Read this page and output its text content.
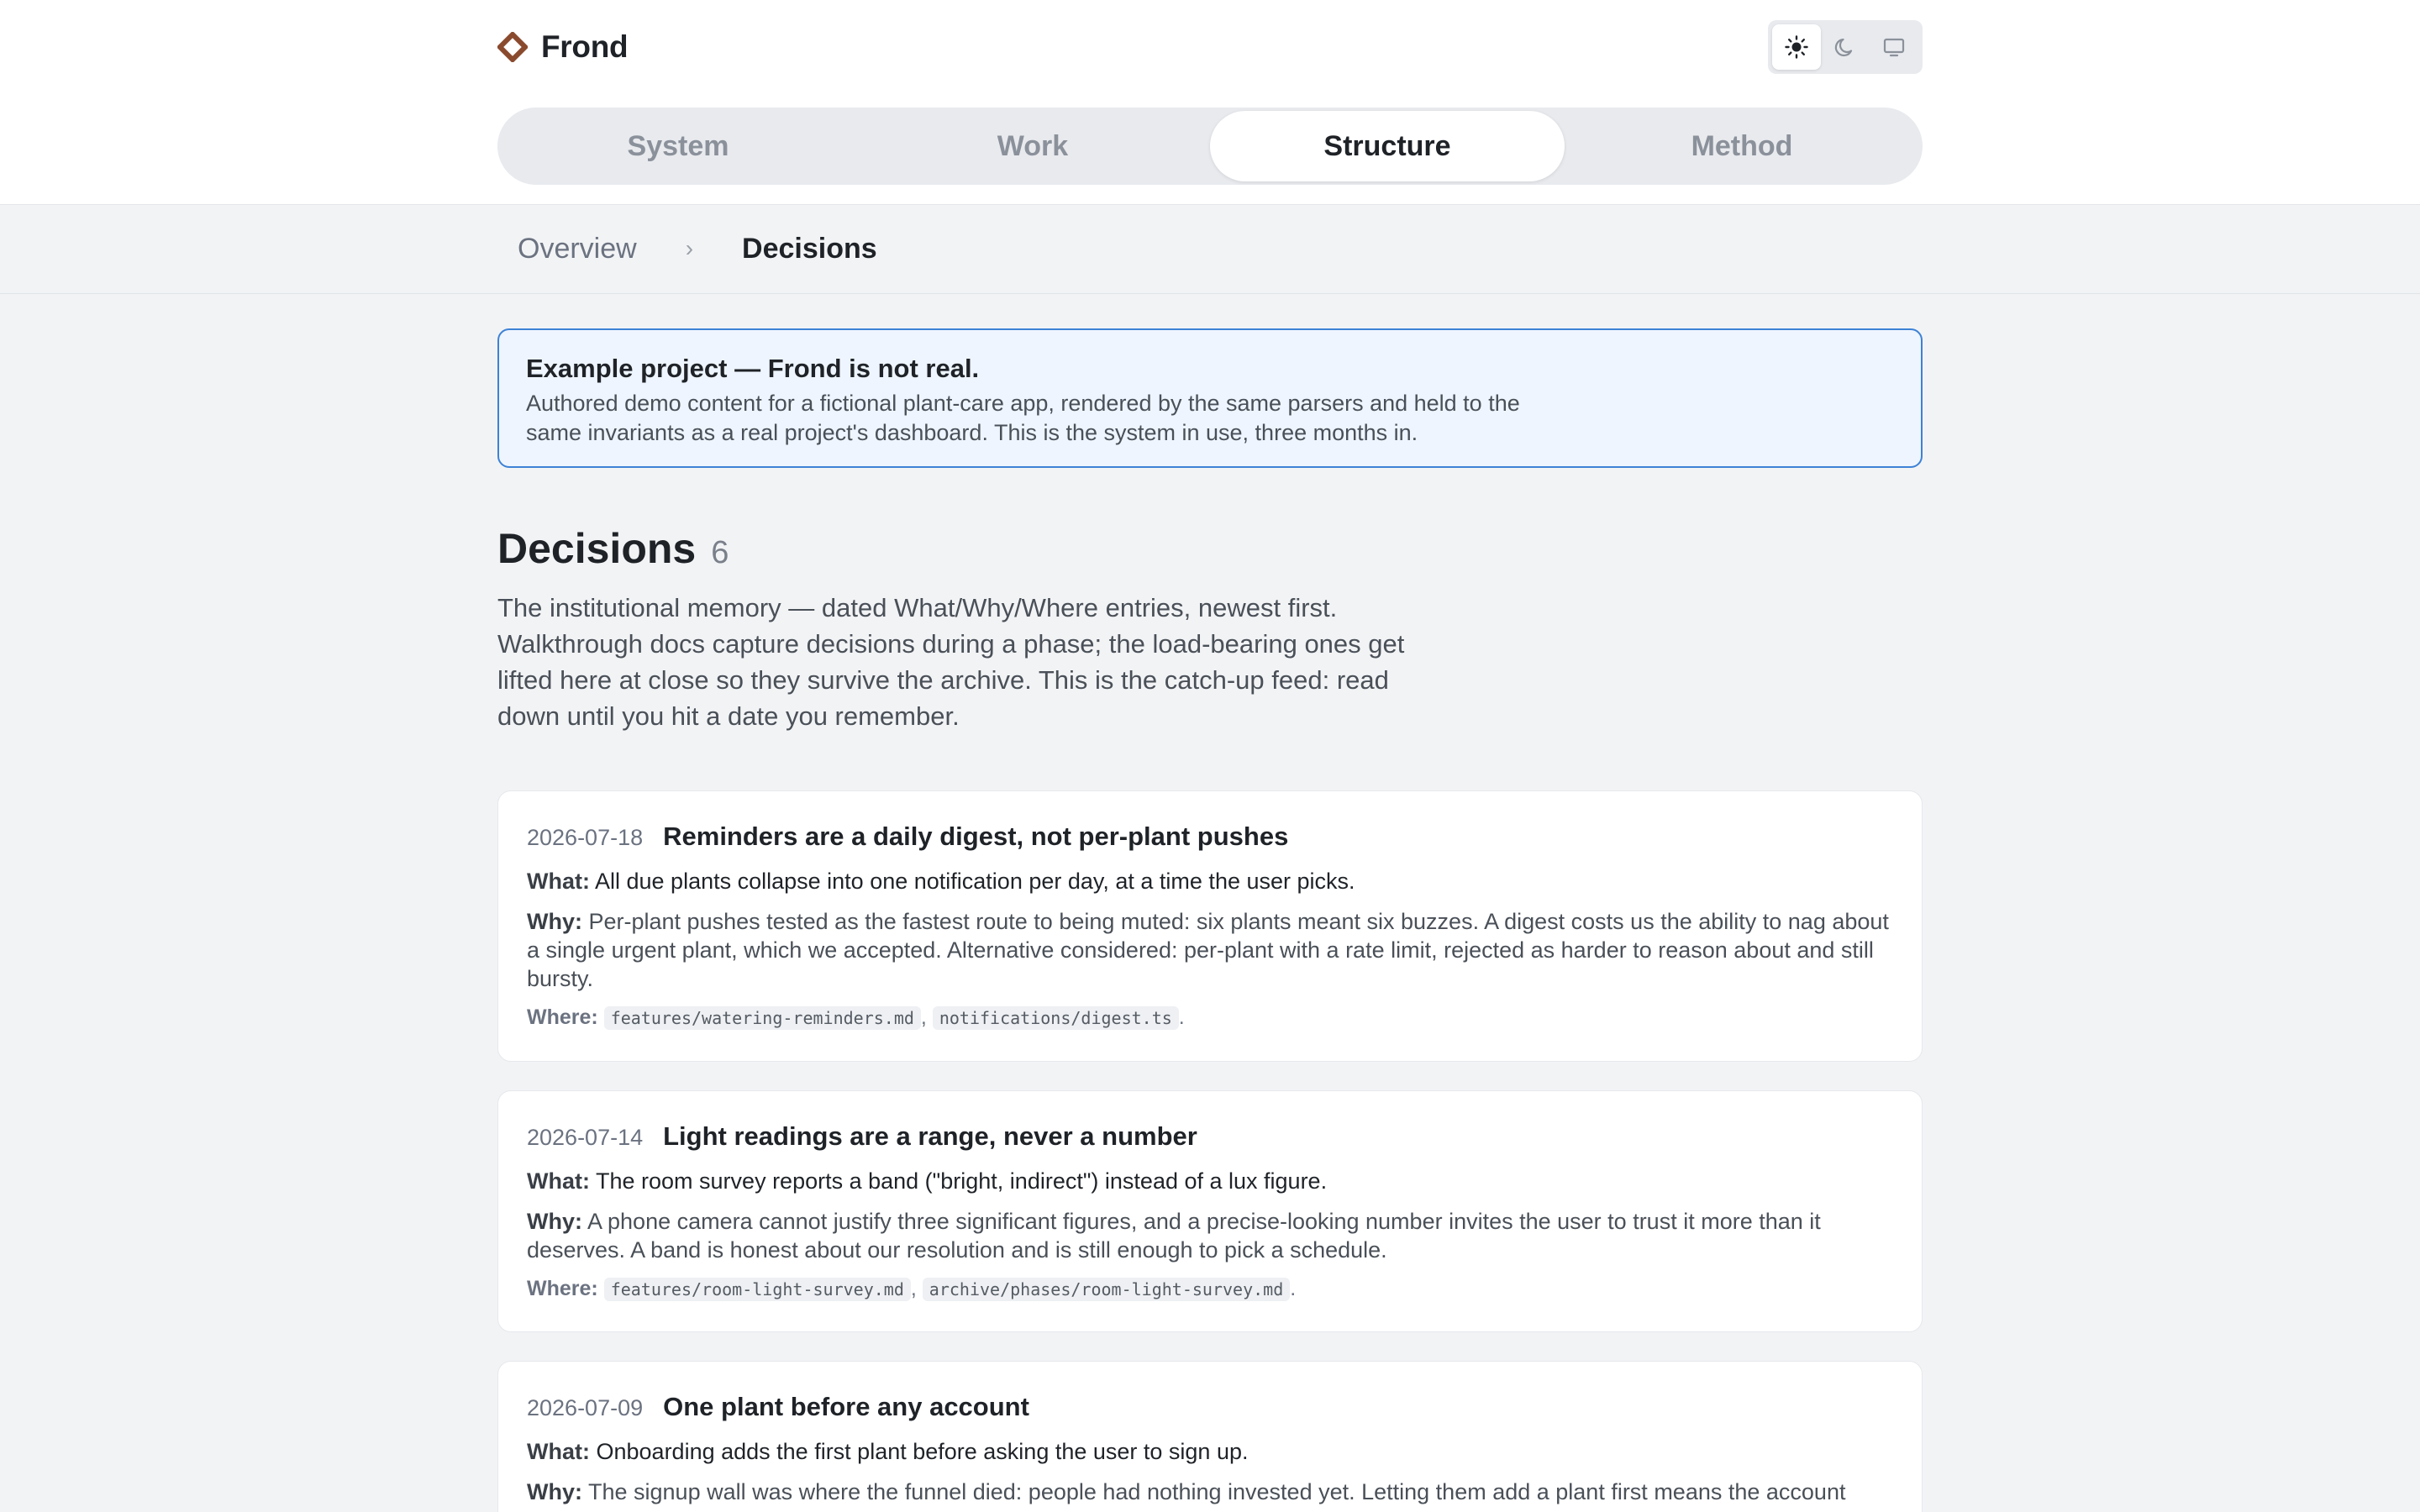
Frond
System	Work	Structure	Method
Overview › Decisions
Example project — Frond is not real.
Authored demo content for a fictional plant-care app, rendered by the same parsers and held to the same invariants as a real project's dashboard. This is the system in use, three months in.
Decisions 6
The institutional memory — dated What/Why/Where entries, newest first. Walkthrough docs capture decisions during a phase; the load-bearing ones get lifted here at close so they survive the archive. This is the catch-up feed: read down until you hit a date you remember.
2026-07-18 Reminders are a daily digest, not per-plant pushes
What: All due plants collapse into one notification per day, at a time the user picks.
Why: Per-plant pushes tested as the fastest route to being muted: six plants meant six buzzes. A digest costs us the ability to nag about a single urgent plant, which we accepted. Alternative considered: per-plant with a rate limit, rejected as harder to reason about and still bursty.
Where: features/watering-reminders.md , notifications/digest.ts .
2026-07-14 Light readings are a range, never a number
What: The room survey reports a band ("bright, indirect") instead of a lux figure.
Why: A phone camera cannot justify three significant figures, and a precise-looking number invites the user to trust it more than it deserves. A band is honest about our resolution and is still enough to pick a schedule.
Where: features/room-light-survey.md , archive/phases/room-light-survey.md .
2026-07-09 One plant before any account
What: Onboarding adds the first plant before asking the user to sign up.
Why: The signup wall was where the funnel died: people had nothing invested yet. Letting them add a plant first means the account
